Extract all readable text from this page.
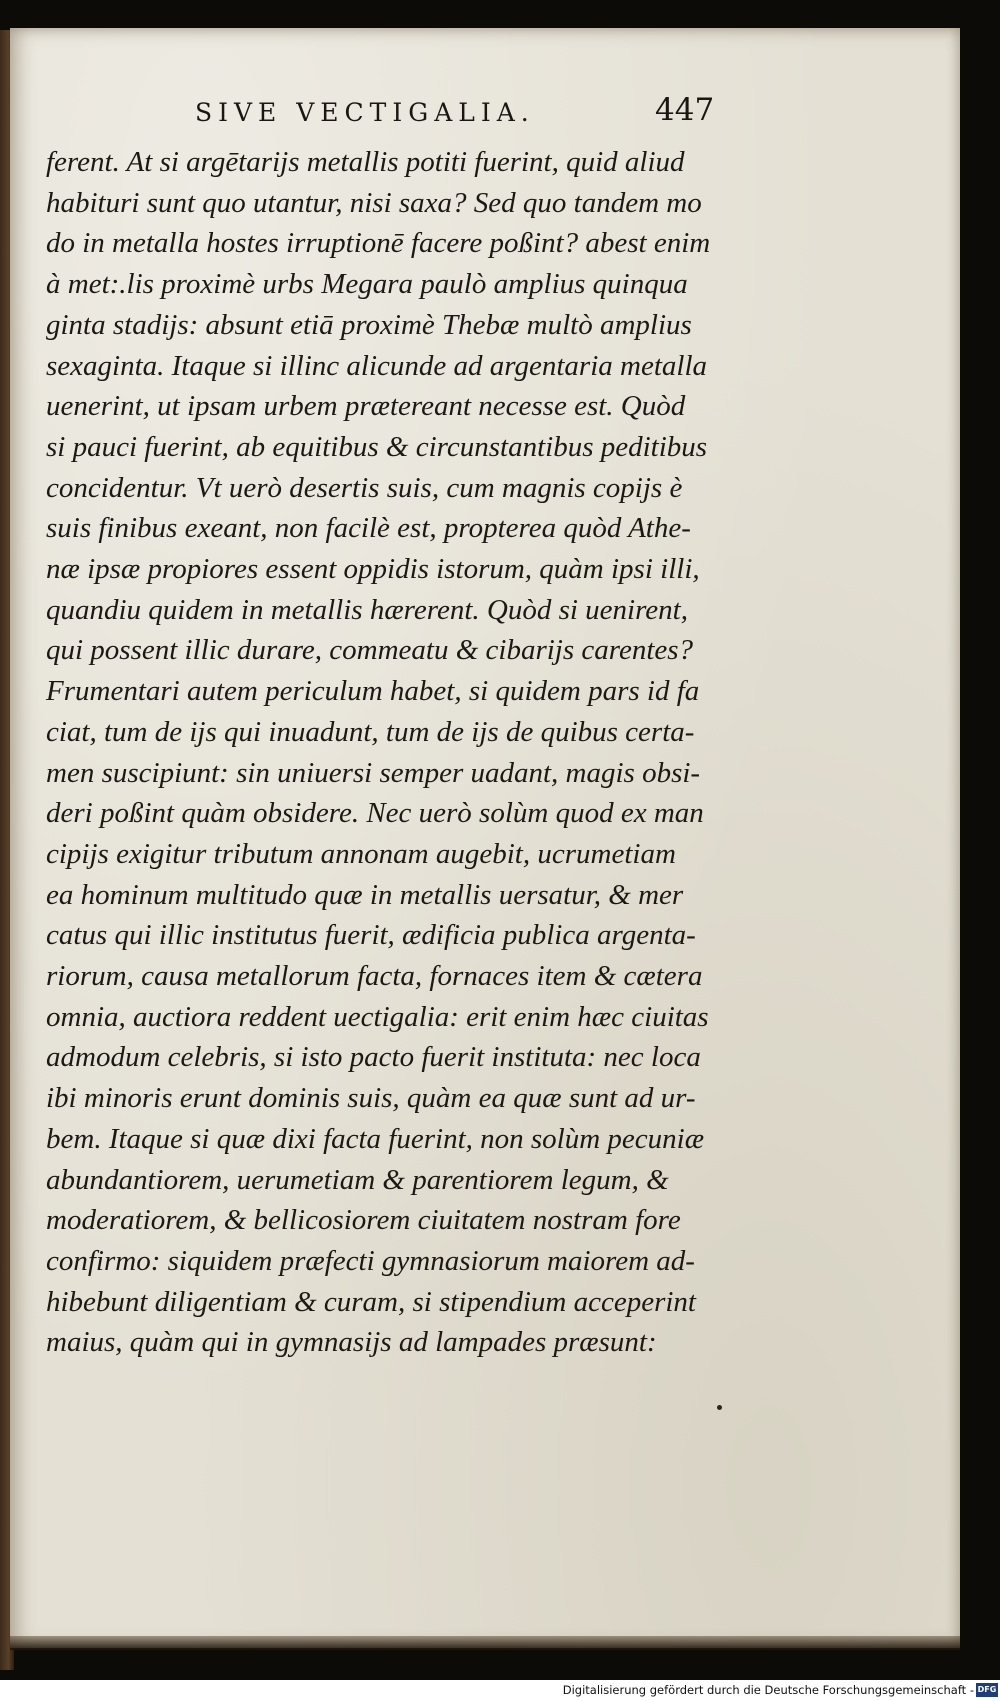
SIVE VECTIGALIA.	447
ferent. At si argētarijs metallis potiti fuerint, quid aliud
habituri sunt quo utantur, nisi saxa? Sed quo tandem mo
do in metalla hostes irruptionē facere poßint? abest enim
à met:.lis proximè urbs Megara paulò amplius quinqua
ginta stadijs: absunt etiā proximè Thebæ multò amplius
sexaginta. Itaque si illinc alicunde ad argentaria metalla
uenerint, ut ipsam urbem prætereant necesse est. Quòd
si pauci fuerint, ab equitibus & circunstantibus peditibus
concidentur. Vt uerò desertis suis, cum magnis copijs è
suis finibus exeant, non facilè est, propterea quòd Athe-
næ ipsæ propiores essent oppidis istorum, quàm ipsi illi,
quandiu quidem in metallis hærerent. Quòd si uenirent,
qui possent illic durare, commeatu & cibarijs carentes?
Frumentari autem periculum habet, si quidem pars id fa
ciat, tum de ijs qui inuadunt, tum de ijs de quibus certa-
men suscipiunt: sin uniuersi semper uadant, magis obsi-
deri poßint quàm obsidere. Nec uerò solùm quod ex man
cipijs exigitur tributum annonam augebit, ucrumetiam
ea hominum multitudo quæ in metallis uersatur, & mer
catus qui illic institutus fuerit, ædificia publica argenta-
riorum, causa metallorum facta, fornaces item & cætera
omnia, auctiora reddent uectigalia: erit enim hæc ciuitas
admodum celebris, si isto pacto fuerit instituta: nec loca
ibi minoris erunt dominis suis, quàm ea quæ sunt ad ur-
bem. Itaque si quæ dixi facta fuerint, non solùm pecuniæ
abundantiorem, uerumetiam & parentiorem legum, &
moderatiorem, & bellicosiorem ciuitatem nostram fore
confirmo: siquidem præfecti gymnasiorum maiorem ad-
hibebunt diligentiam & curam, si stipendium acceperint
maius, quàm qui in gymnasijs ad lampades præsunt:
Digitalisierung gefördert durch die Deutsche Forschungsgemeinschaft - DFG
